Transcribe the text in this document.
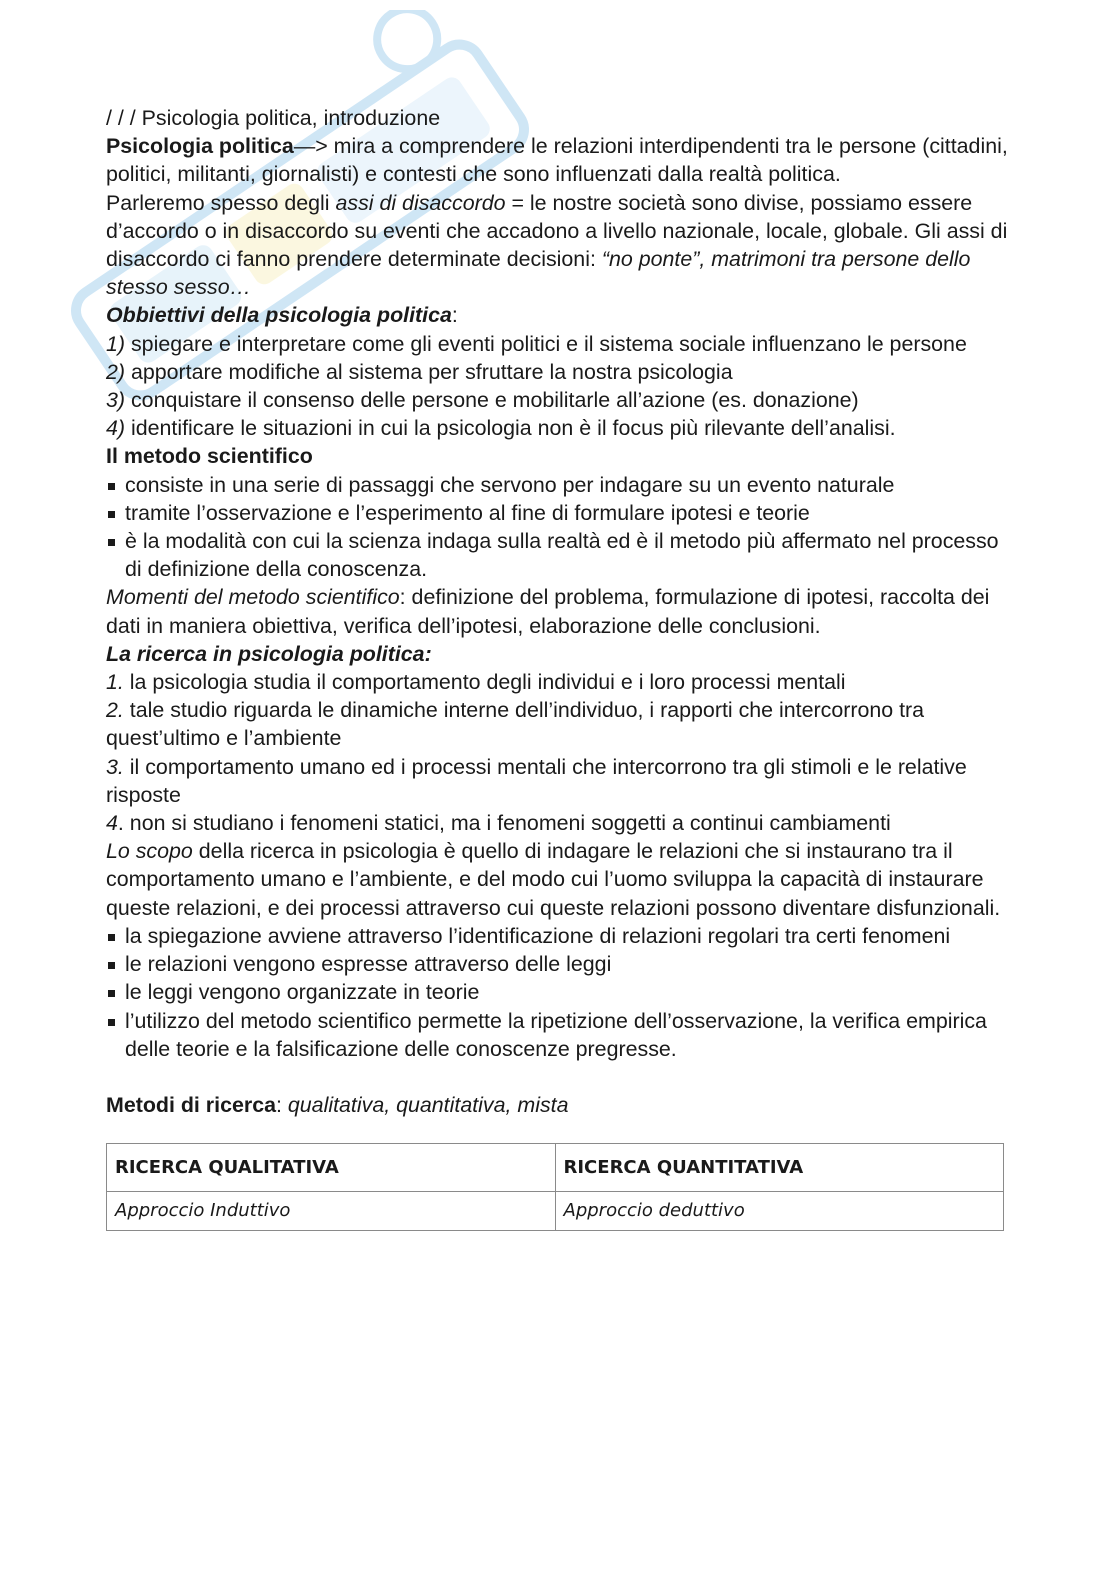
/ / / Psicologia politica, introduzione

Psicologia politica—> mira a comprendere le relazioni interdipendenti tra le persone (cittadini, politici, militanti, giornalisti) e contesti che sono influenzati dalla realtà politica.

Parleremo spesso degli assi di disaccordo = le nostre società sono divise, possiamo essere d’accordo o in disaccordo su eventi che accadono a livello nazionale, locale, globale. Gli assi di disaccordo ci fanno prendere determinate decisioni: “no ponte”, matrimoni tra persone dello stesso sesso…

Obbiettivi della psicologia politica:

1) spiegare e interpretare come gli eventi politici e il sistema sociale influenzano le persone

2) apportare modifiche al sistema per sfruttare la nostra psicologia

3) conquistare il consenso delle persone e mobilitarle all’azione (es. donazione)

4) identificare le situazioni in cui la psicologia non è il focus più rilevante dell’analisi.

Il metodo scientifico

consiste in una serie di passaggi che servono per indagare su un evento naturale
tramite l’osservazione e l’esperimento al fine di formulare ipotesi e teorie
è la modalità con cui la scienza indaga sulla realtà ed è il metodo più affermato nel processo di definizione della conoscenza.

Momenti del metodo scientifico: definizione del problema, formulazione di ipotesi, raccolta dei dati in maniera obiettiva, verifica dell’ipotesi, elaborazione delle conclusioni.

La ricerca in psicologia politica:

1. la psicologia studia il comportamento degli individui e i loro processi mentali

2. tale studio riguarda le dinamiche interne dell’individuo, i rapporti che intercorrono tra quest’ultimo e l’ambiente

3. il comportamento umano ed i processi mentali che intercorrono tra gli stimoli e le relative risposte

4. non si studiano i fenomeni statici, ma i fenomeni soggetti a continui cambiamenti

Lo scopo della ricerca in psicologia è quello di indagare le relazioni che si instaurano tra il comportamento umano e l’ambiente, e del modo cui l’uomo sviluppa la capacità di instaurare queste relazioni, e dei processi attraverso cui queste relazioni possono diventare disfunzionali.

la spiegazione avviene attraverso l’identificazione di relazioni regolari tra certi fenomeni
le relazioni vengono espresse attraverso delle leggi
le leggi vengono organizzate in teorie
l’utilizzo del metodo scientifico permette la ripetizione dell’osservazione, la verifica empirica delle teorie e la falsificazione delle conoscenze pregresse.

Metodi di ricerca: qualitativa, quantitativa, mista

RICERCA QUALITATIVA	RICERCA QUANTITATIVA
Approccio Induttivo	Approccio deduttivo
